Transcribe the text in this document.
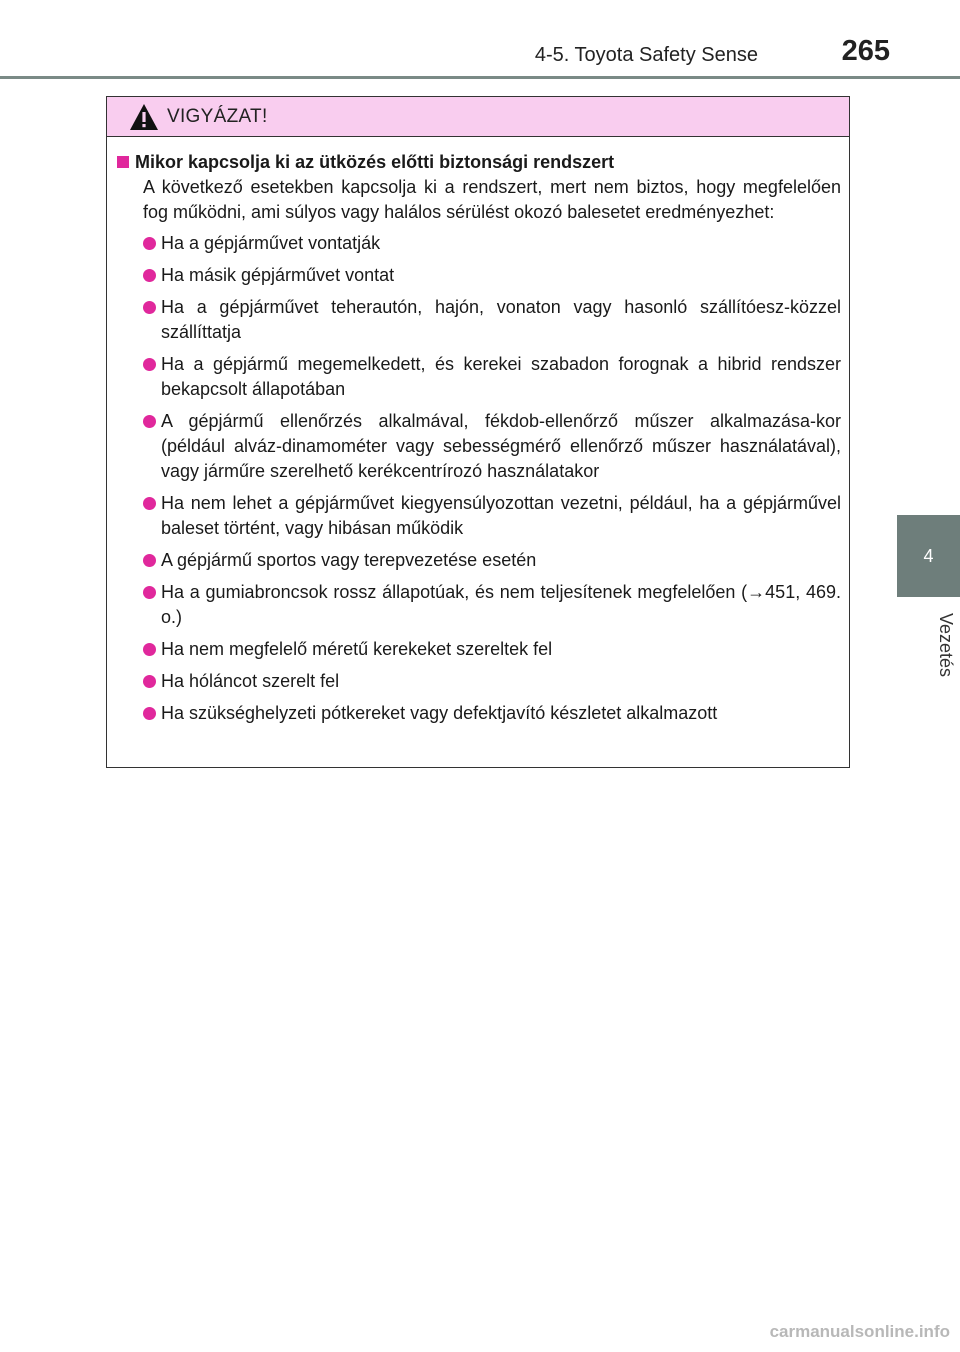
4-5. Toyota Safety Sense	265
4
Vezetés
VIGYÁZAT!
Mikor kapcsolja ki az ütközés előtti biztonsági rendszert

A következő esetekben kapcsolja ki a rendszert, mert nem biztos, hogy megfelelően fog működni, ami súlyos vagy halálos sérülést okozó balesetet eredményezhet:

Ha a gépjárművet vontatják
Ha másik gépjárművet vontat
Ha a gépjárművet teherautón, hajón, vonaton vagy hasonló szállítóesz-közzel szállíttatja
Ha a gépjármű megemelkedett, és kerekei szabadon forognak a hibrid rendszer bekapcsolt állapotában
A gépjármű ellenőrzés alkalmával, fékdob-ellenőrző műszer alkalmazása-kor (például alváz-dinamométer vagy sebességmérő ellenőrző műszer használatával), vagy járműre szerelhető kerékcentrírozó használatakor
Ha nem lehet a gépjárművet kiegyensúlyozottan vezetni, például, ha a gépjárművel baleset történt, vagy hibásan működik
A gépjármű sportos vagy terepvezetése esetén
Ha a gumiabroncsok rossz állapotúak, és nem teljesítenek megfelelően (→451, 469. o.)
Ha nem megfelelő méretű kerekeket szereltek fel
Ha hóláncot szerelt fel
Ha szükséghelyzeti pótkereket vagy defektjavító készletet alkalmazott
carmanualsonline.info
